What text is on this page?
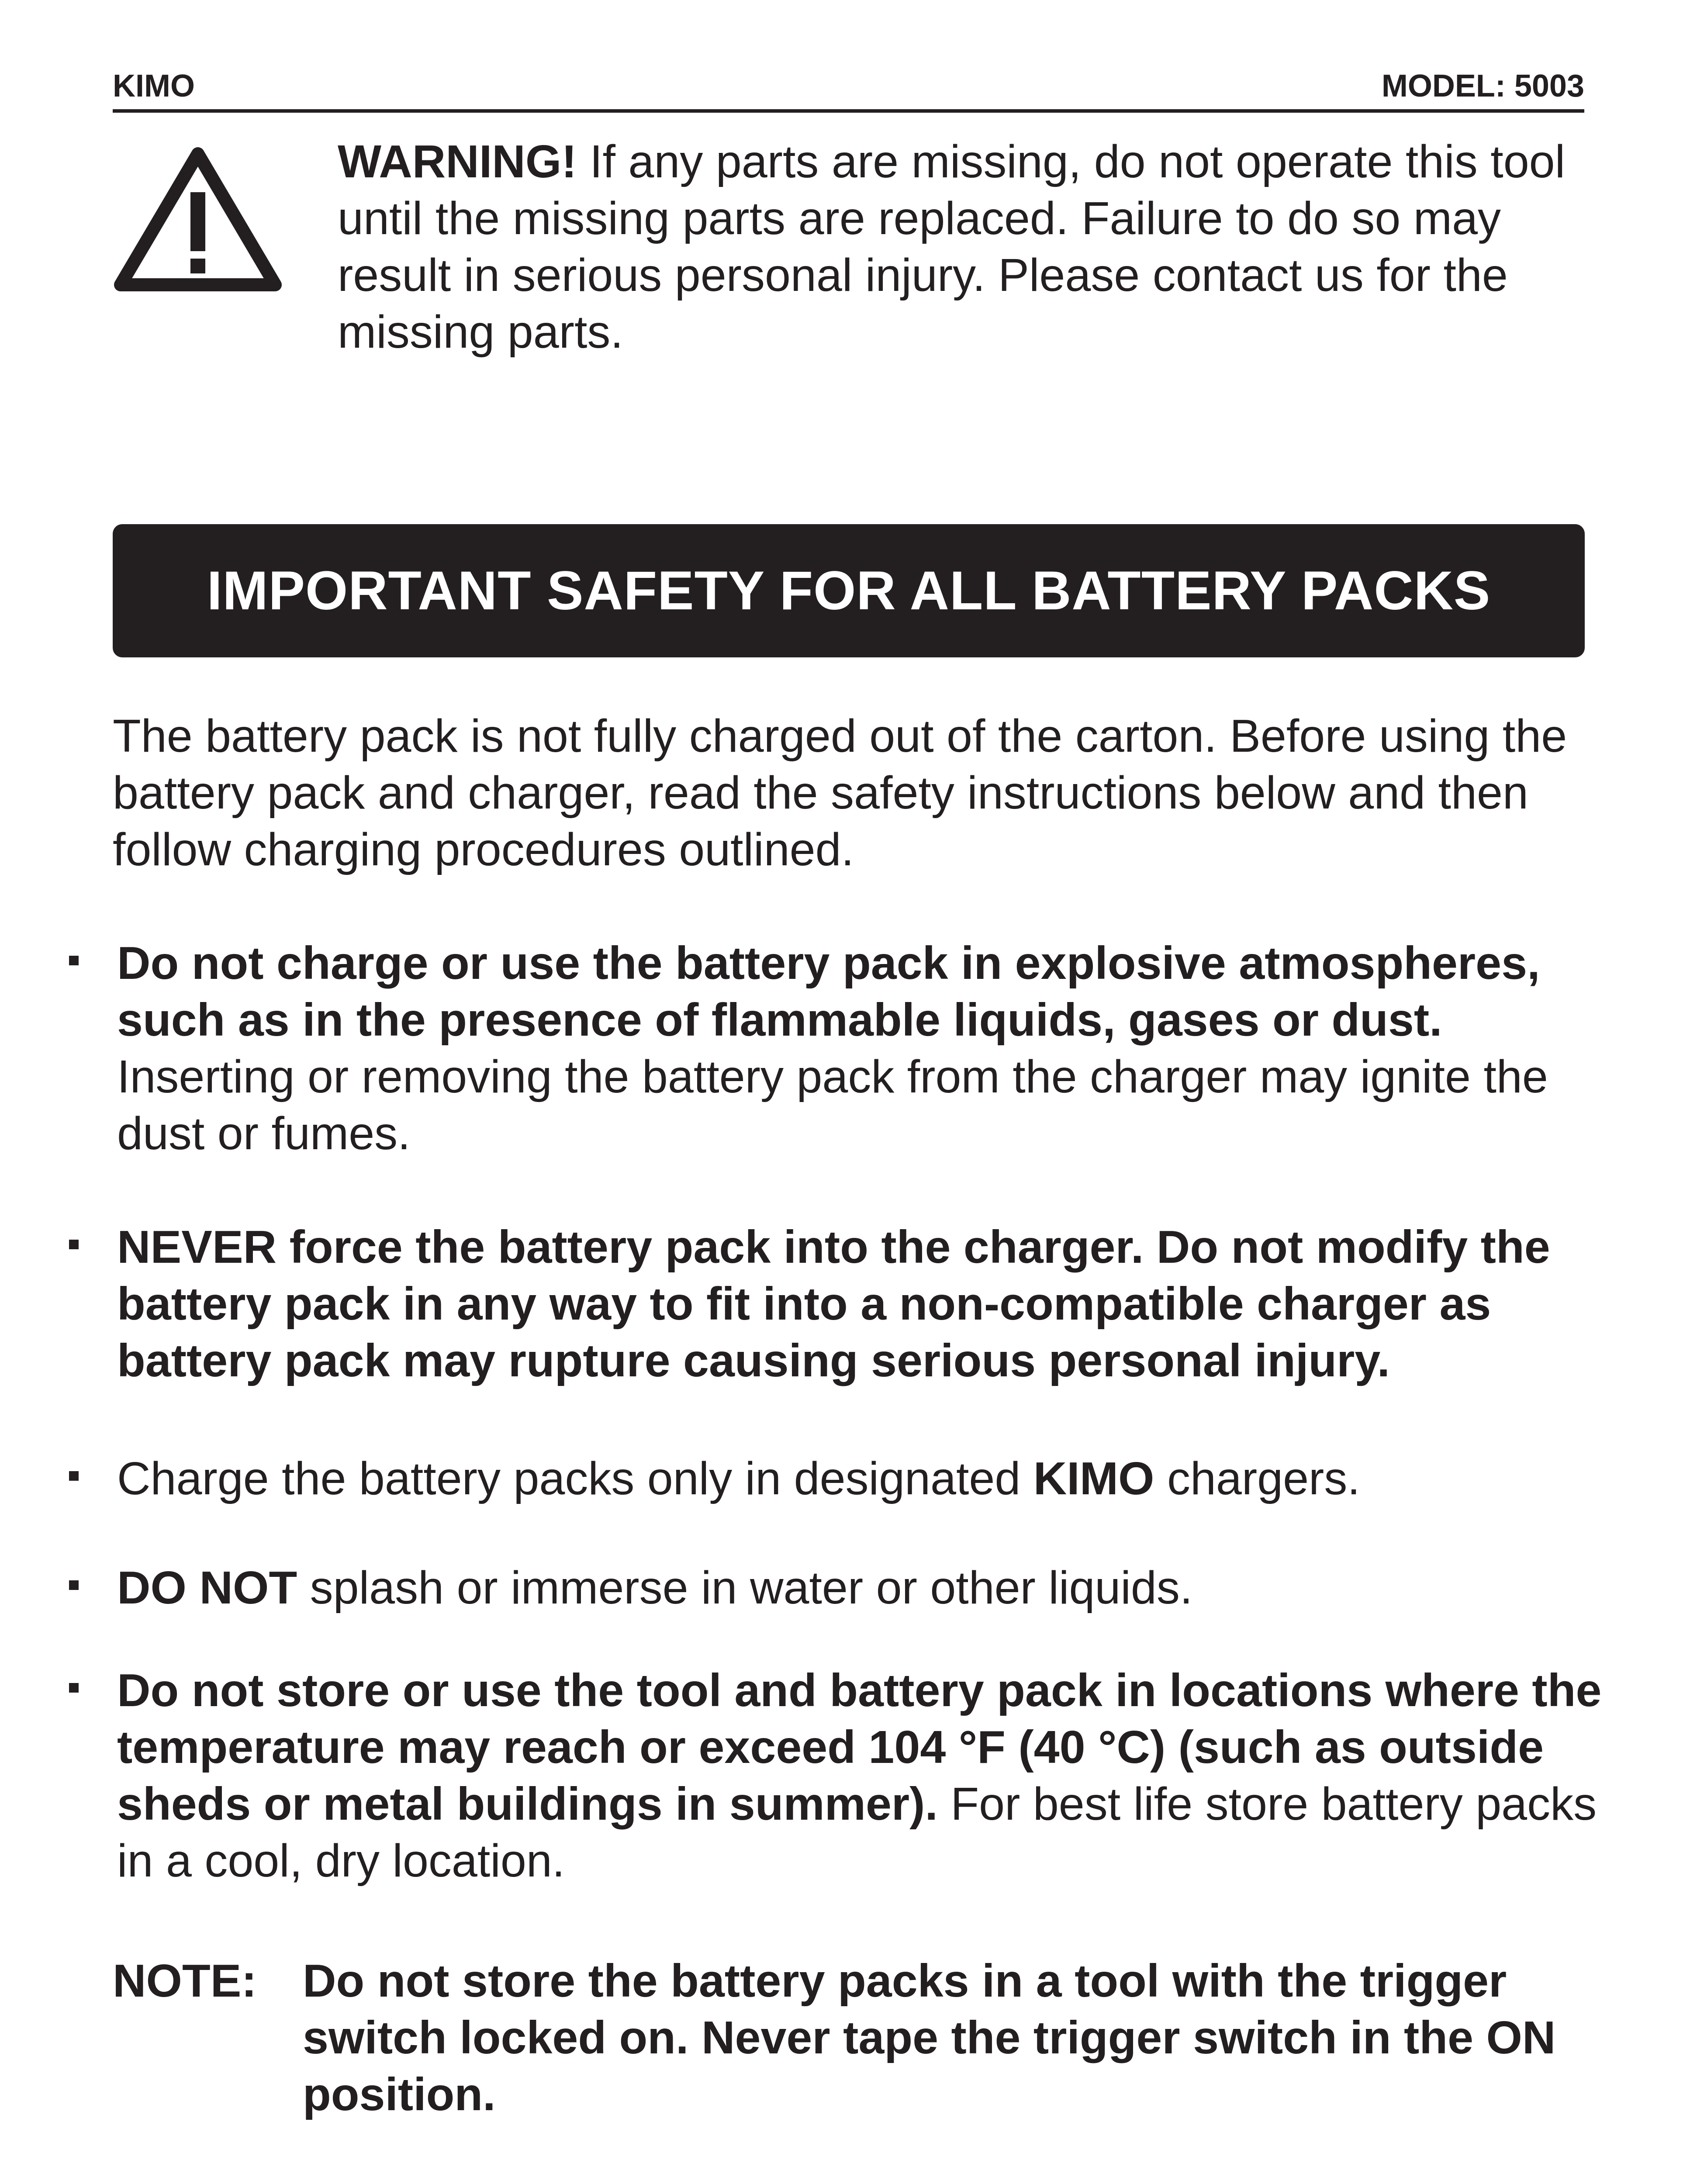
KIMO	MODEL: 5003
WARNING! If any parts are missing, do not operate this tool until the missing parts are replaced. Failure to do so may result in serious personal injury. Please contact us for the missing parts.
IMPORTANT SAFETY FOR ALL BATTERY PACKS
The battery pack is not fully charged out of the carton. Before using the battery pack and charger, read the safety instructions below and then follow charging procedures outlined.
Do not charge or use the battery pack in explosive atmospheres, such as in the presence of flammable liquids, gases or dust. Inserting or removing the battery pack from the charger may ignite the dust or fumes.
NEVER force the battery pack into the charger. Do not modify the battery pack in any way to fit into a non-compatible charger as battery pack may rupture causing serious personal injury.
Charge the battery packs only in designated KIMO chargers.
DO NOT splash or immerse in water or other liquids.
Do not store or use the tool and battery pack in locations where the temperature may reach or exceed 104 °F (40 °C) (such as outside sheds or metal buildings in summer). For best life store battery packs in a cool, dry location.
NOTE: Do not store the battery packs in a tool with the trigger switch locked on. Never tape the trigger switch in the ON position.
